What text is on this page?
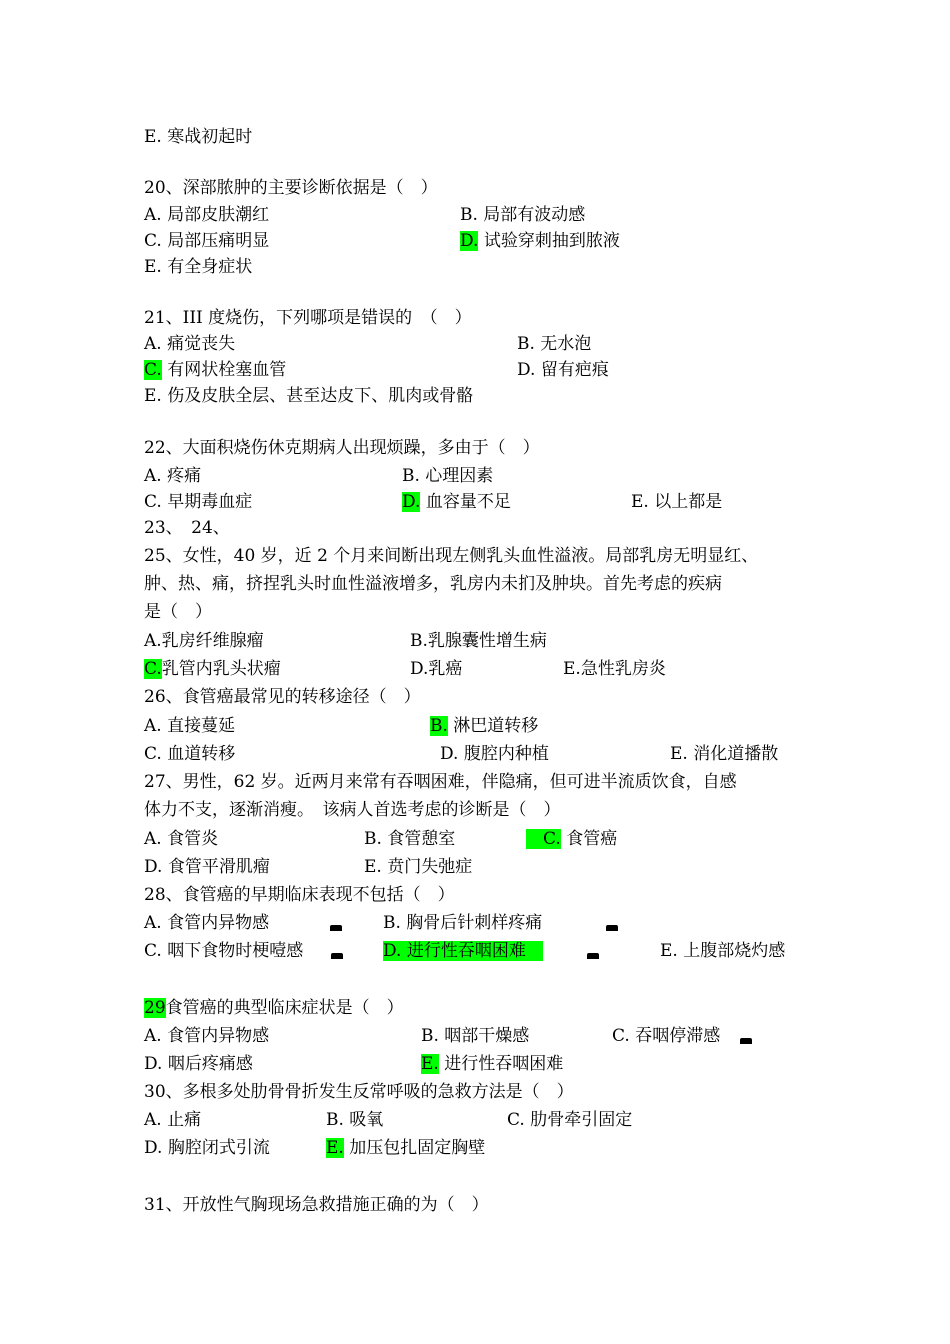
E. 寒战初起时
20、深部脓肿的主要诊断依据是（　）
A. 局部皮肤潮红	B. 局部有波动感
C. 局部压痛明显	D. 试验穿刺抽到脓液
E. 有全身症状
21、III 度烧伤，下列哪项是错误的　（　）
A. 痛觉丧失	B. 无水泡
C. 有网状栓塞血管	D. 留有疤痕
E. 伤及皮肤全层、甚至达皮下、肌肉或骨骼
22、大面积烧伤休克期病人出现烦躁，多由于（　）
A. 疼痛	B. 心理因素
C. 早期毒血症	D. 血容量不足	E. 以上都是
23、　24、
25、女性，40 岁，近 2 个月来间断出现左侧乳头血性溢液。局部乳房无明显红、
肿、热、痛，挤捏乳头时血性溢液增多，乳房内未扪及肿块。首先考虑的疾病
是（　）
A.乳房纤维腺瘤	B.乳腺囊性增生病
C.乳管内乳头状瘤	D.乳癌	E.急性乳房炎
26、食管癌最常见的转移途径（　）
A. 直接蔓延	B. 淋巴道转移
C. 血道转移	D. 腹腔内种植	E. 消化道播散
27、男性，62 岁。近两月来常有吞咽困难，伴隐痛，但可进半流质饮食，自感
体力不支，逐渐消瘦。　该病人首选考虑的诊断是（　）
A. 食管炎	B. 食管憩室	　C. 食管癌
D. 食管平滑肌瘤	E. 贲门失弛症
28、食管癌的早期临床表现不包括（　）
A. 食管内异物感	B. 胸骨后针刺样疼痛
C. 咽下食物时梗噎感	D. 进行性吞咽困难　	E. 上腹部烧灼感
29食管癌的典型临床症状是（　）
A. 食管内异物感	B. 咽部干燥感	C. 吞咽停滞感
D. 咽后疼痛感	E. 进行性吞咽困难
30、多根多处肋骨骨折发生反常呼吸的急救方法是（　）
A. 止痛	B. 吸氧	C. 肋骨牵引固定
D. 胸腔闭式引流	E. 加压包扎固定胸壁
31、开放性气胸现场急救措施正确的为（　）
